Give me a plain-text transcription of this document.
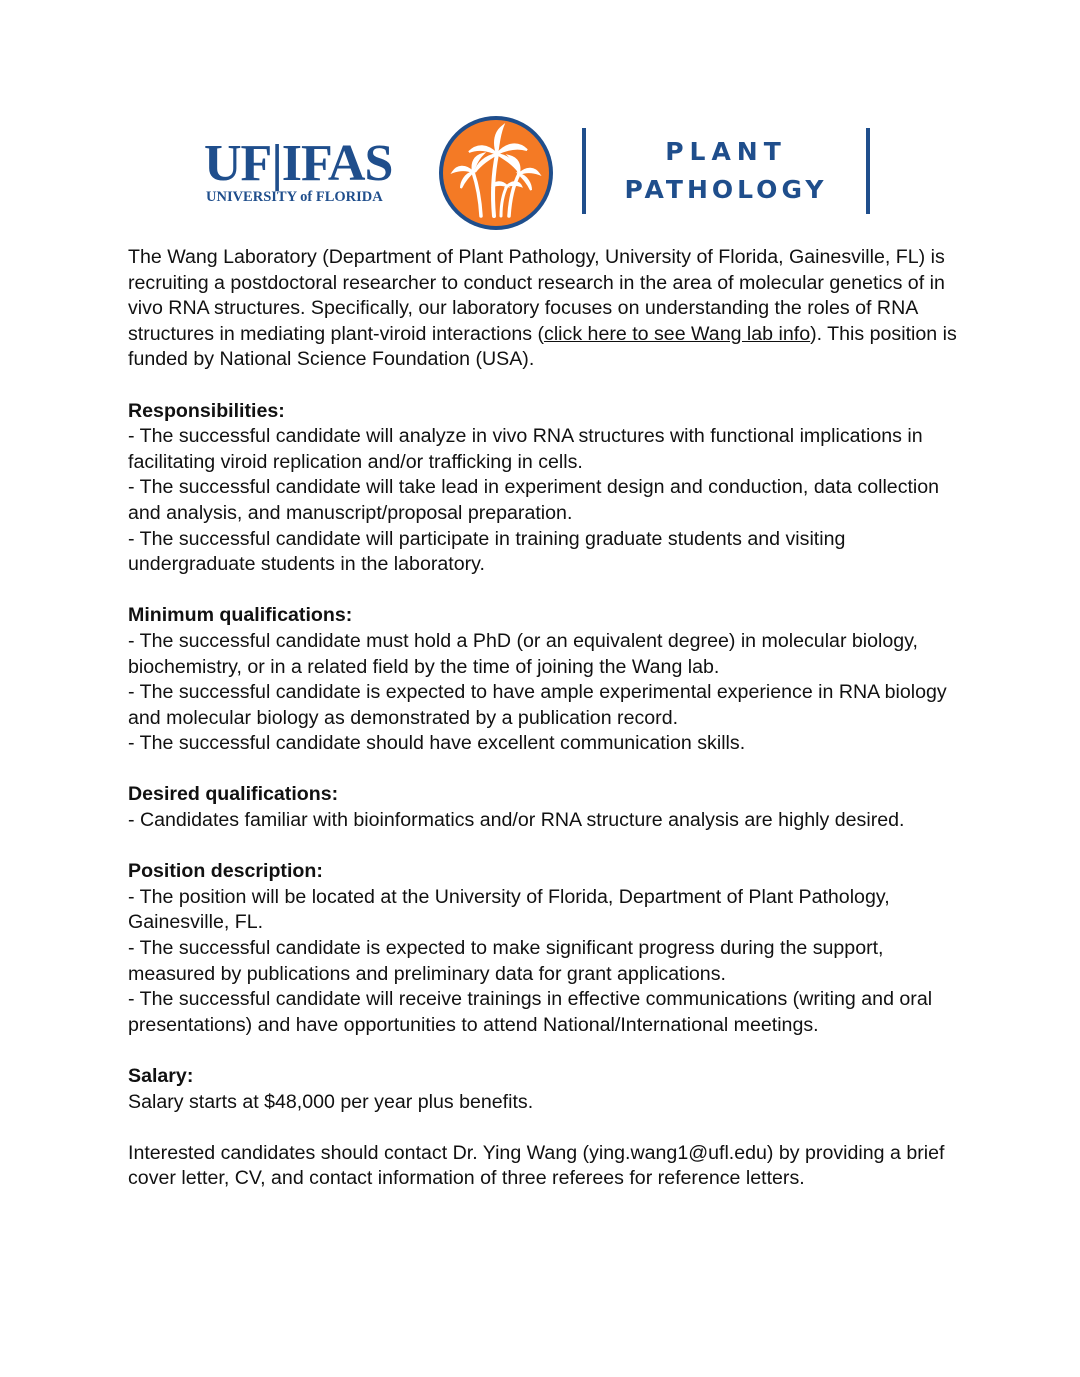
UF|IFAS
UNIVERSITY of FLORIDA
PLANT
PATHOLOGY

The Wang Laboratory (Department of Plant Pathology, University of Florida, Gainesville, FL) is recruiting a postdoctoral researcher to conduct research in the area of molecular genetics of in vivo RNA structures. Specifically, our laboratory focuses on understanding the roles of RNA structures in mediating plant-viroid interactions (click here to see Wang lab info). This position is funded by National Science Foundation (USA).

Responsibilities:

- The successful candidate will analyze in vivo RNA structures with functional implications in facilitating viroid replication and/or trafficking in cells.

- The successful candidate will take lead in experiment design and conduction, data collection and analysis, and manuscript/proposal preparation.

- The successful candidate will participate in training graduate students and visiting undergraduate students in the laboratory.

Minimum qualifications:

- The successful candidate must hold a PhD (or an equivalent degree) in molecular biology, biochemistry, or in a related field by the time of joining the Wang lab.

- The successful candidate is expected to have ample experimental experience in RNA biology and molecular biology as demonstrated by a publication record.

- The successful candidate should have excellent communication skills.

Desired qualifications:

- Candidates familiar with bioinformatics and/or RNA structure analysis are highly desired.

Position description:

- The position will be located at the University of Florida, Department of Plant Pathology, Gainesville, FL.

- The successful candidate is expected to make significant progress during the support, measured by publications and preliminary data for grant applications.

- The successful candidate will receive trainings in effective communications (writing and oral presentations) and have opportunities to attend National/International meetings.

Salary:

Salary starts at $48,000 per year plus benefits.

Interested candidates should contact Dr. Ying Wang (ying.wang1@ufl.edu) by providing a brief cover letter, CV, and contact information of three referees for reference letters.
